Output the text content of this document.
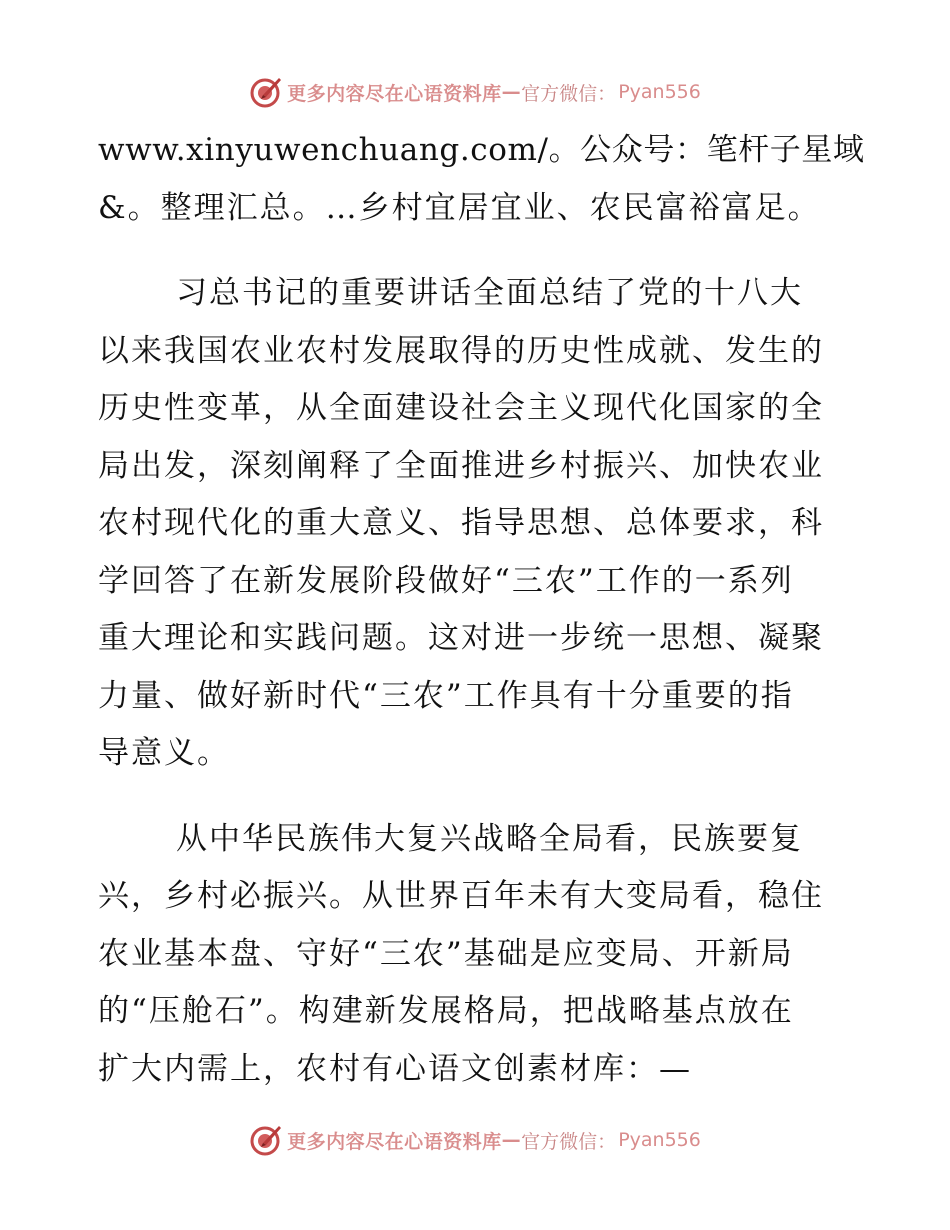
更多内容尽在心语资料库 — 官方微信： Pyan556
www.xinyuwenchuang.com/。公众号：笔杆子星域
&。整理汇总。…乡村宜居宜业、农民富裕富足。
习总书记的重要讲话全面总结了党的十八大
以来我国农业农村发展取得的历史性成就、发生的
历史性变革，从全面建设社会主义现代化国家的全
局出发，深刻阐释了全面推进乡村振兴、加快农业
农村现代化的重大意义、指导思想、总体要求，科
学回答了在新发展阶段做好“三农”工作的一系列
重大理论和实践问题。这对进一步统一思想、凝聚
力量、做好新时代“三农”工作具有十分重要的指
导意义。
从中华民族伟大复兴战略全局看，民族要复
兴，乡村必振兴。从世界百年未有大变局看，稳住
农业基本盘、守好“三农”基础是应变局、开新局
的“压舱石”。构建新发展格局，把战略基点放在
扩大内需上，农村有心语文创素材库：—
更多内容尽在心语资料库 — 官方微信： Pyan556
